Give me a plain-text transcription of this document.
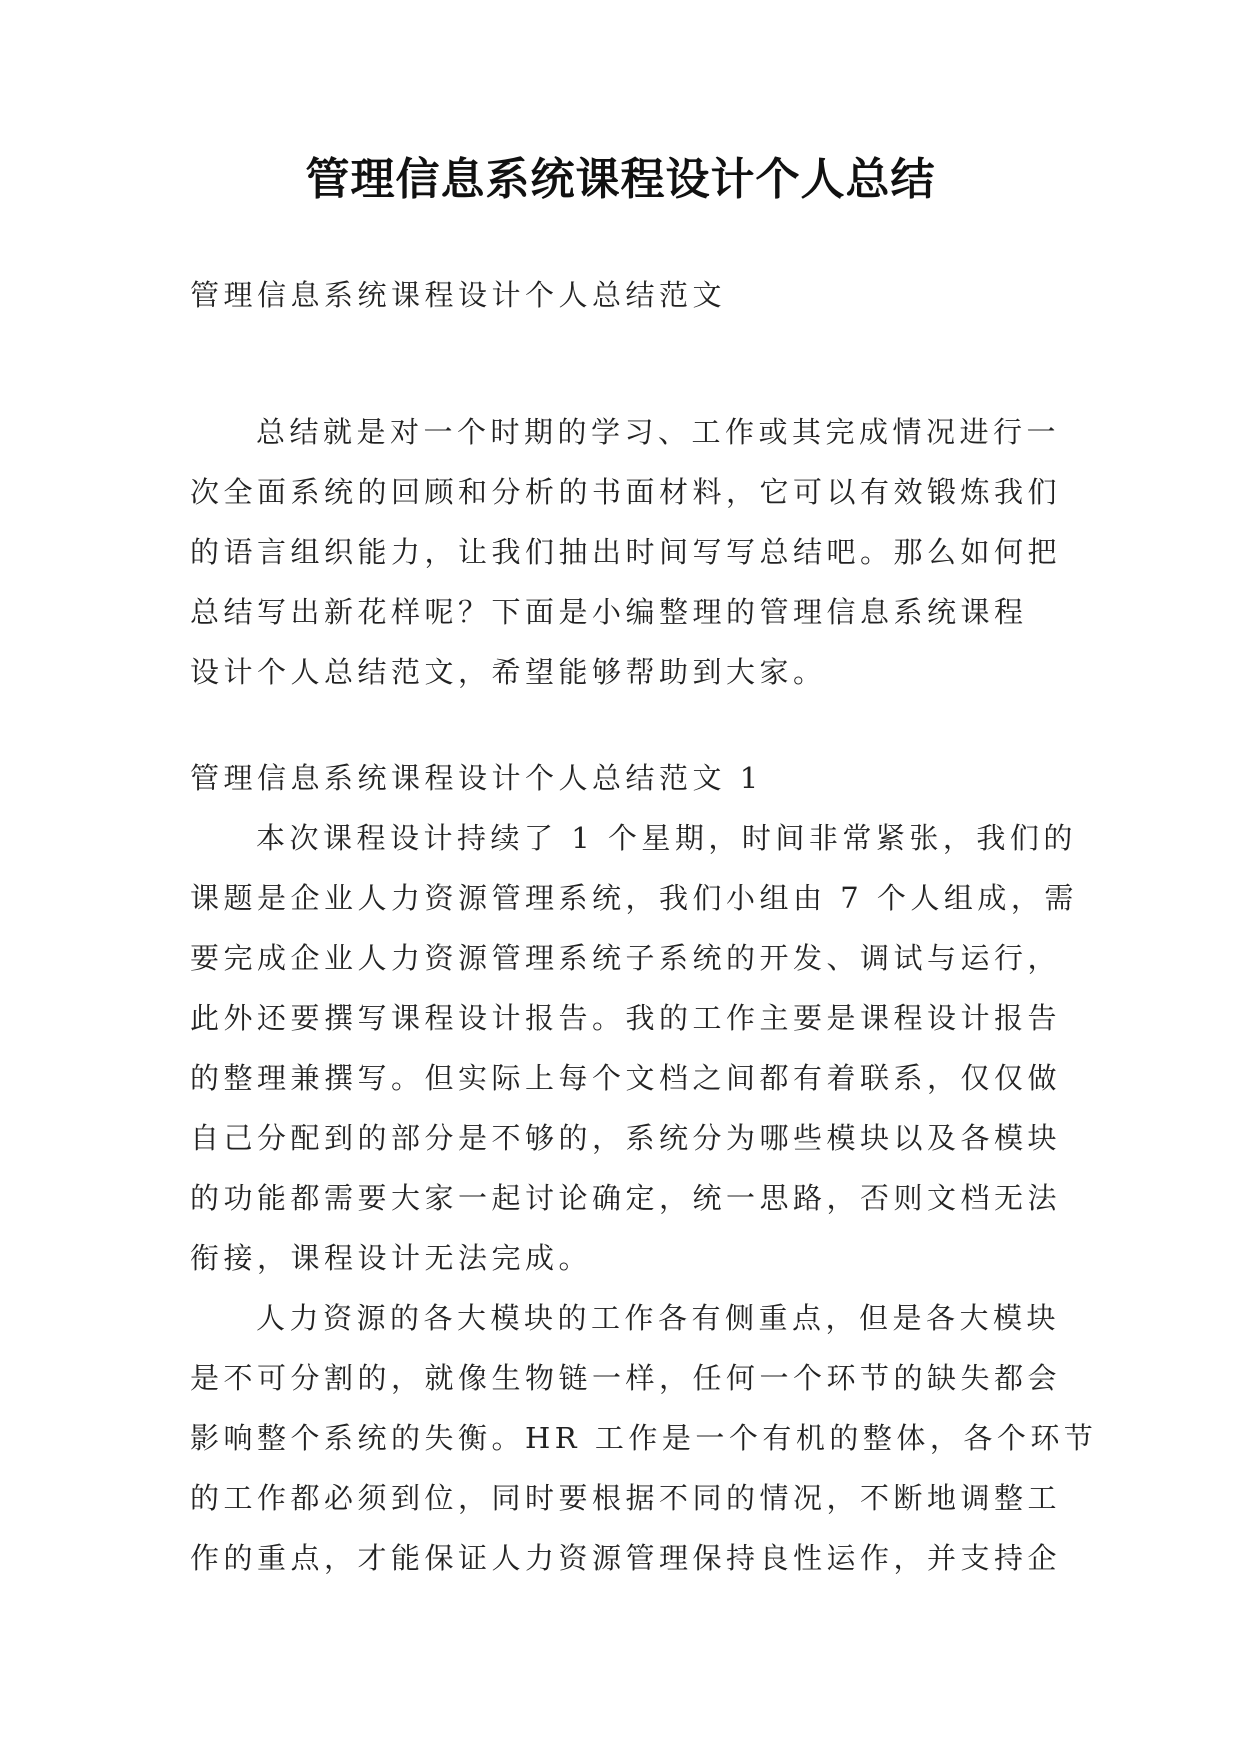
管理信息系统课程设计个人总结
管理信息系统课程设计个人总结范文
总结就是对一个时期的学习、工作或其完成情况进行一
次全面系统的回顾和分析的书面材料，它可以有效锻炼我们
的语言组织能力，让我们抽出时间写写总结吧。那么如何把
总结写出新花样呢？下面是小编整理的管理信息系统课程
设计个人总结范文，希望能够帮助到大家。
管理信息系统课程设计个人总结范文 1
本次课程设计持续了 1 个星期，时间非常紧张，我们的
课题是企业人力资源管理系统，我们小组由 7 个人组成，需
要完成企业人力资源管理系统子系统的开发、调试与运行，
此外还要撰写课程设计报告。我的工作主要是课程设计报告
的整理兼撰写。但实际上每个文档之间都有着联系，仅仅做
自己分配到的部分是不够的，系统分为哪些模块以及各模块
的功能都需要大家一起讨论确定，统一思路，否则文档无法
衔接，课程设计无法完成。
人力资源的各大模块的工作各有侧重点，但是各大模块
是不可分割的，就像生物链一样，任何一个环节的缺失都会
影响整个系统的失衡。HR 工作是一个有机的整体，各个环节
的工作都必须到位，同时要根据不同的情况，不断地调整工
作的重点，才能保证人力资源管理保持良性运作，并支持企
